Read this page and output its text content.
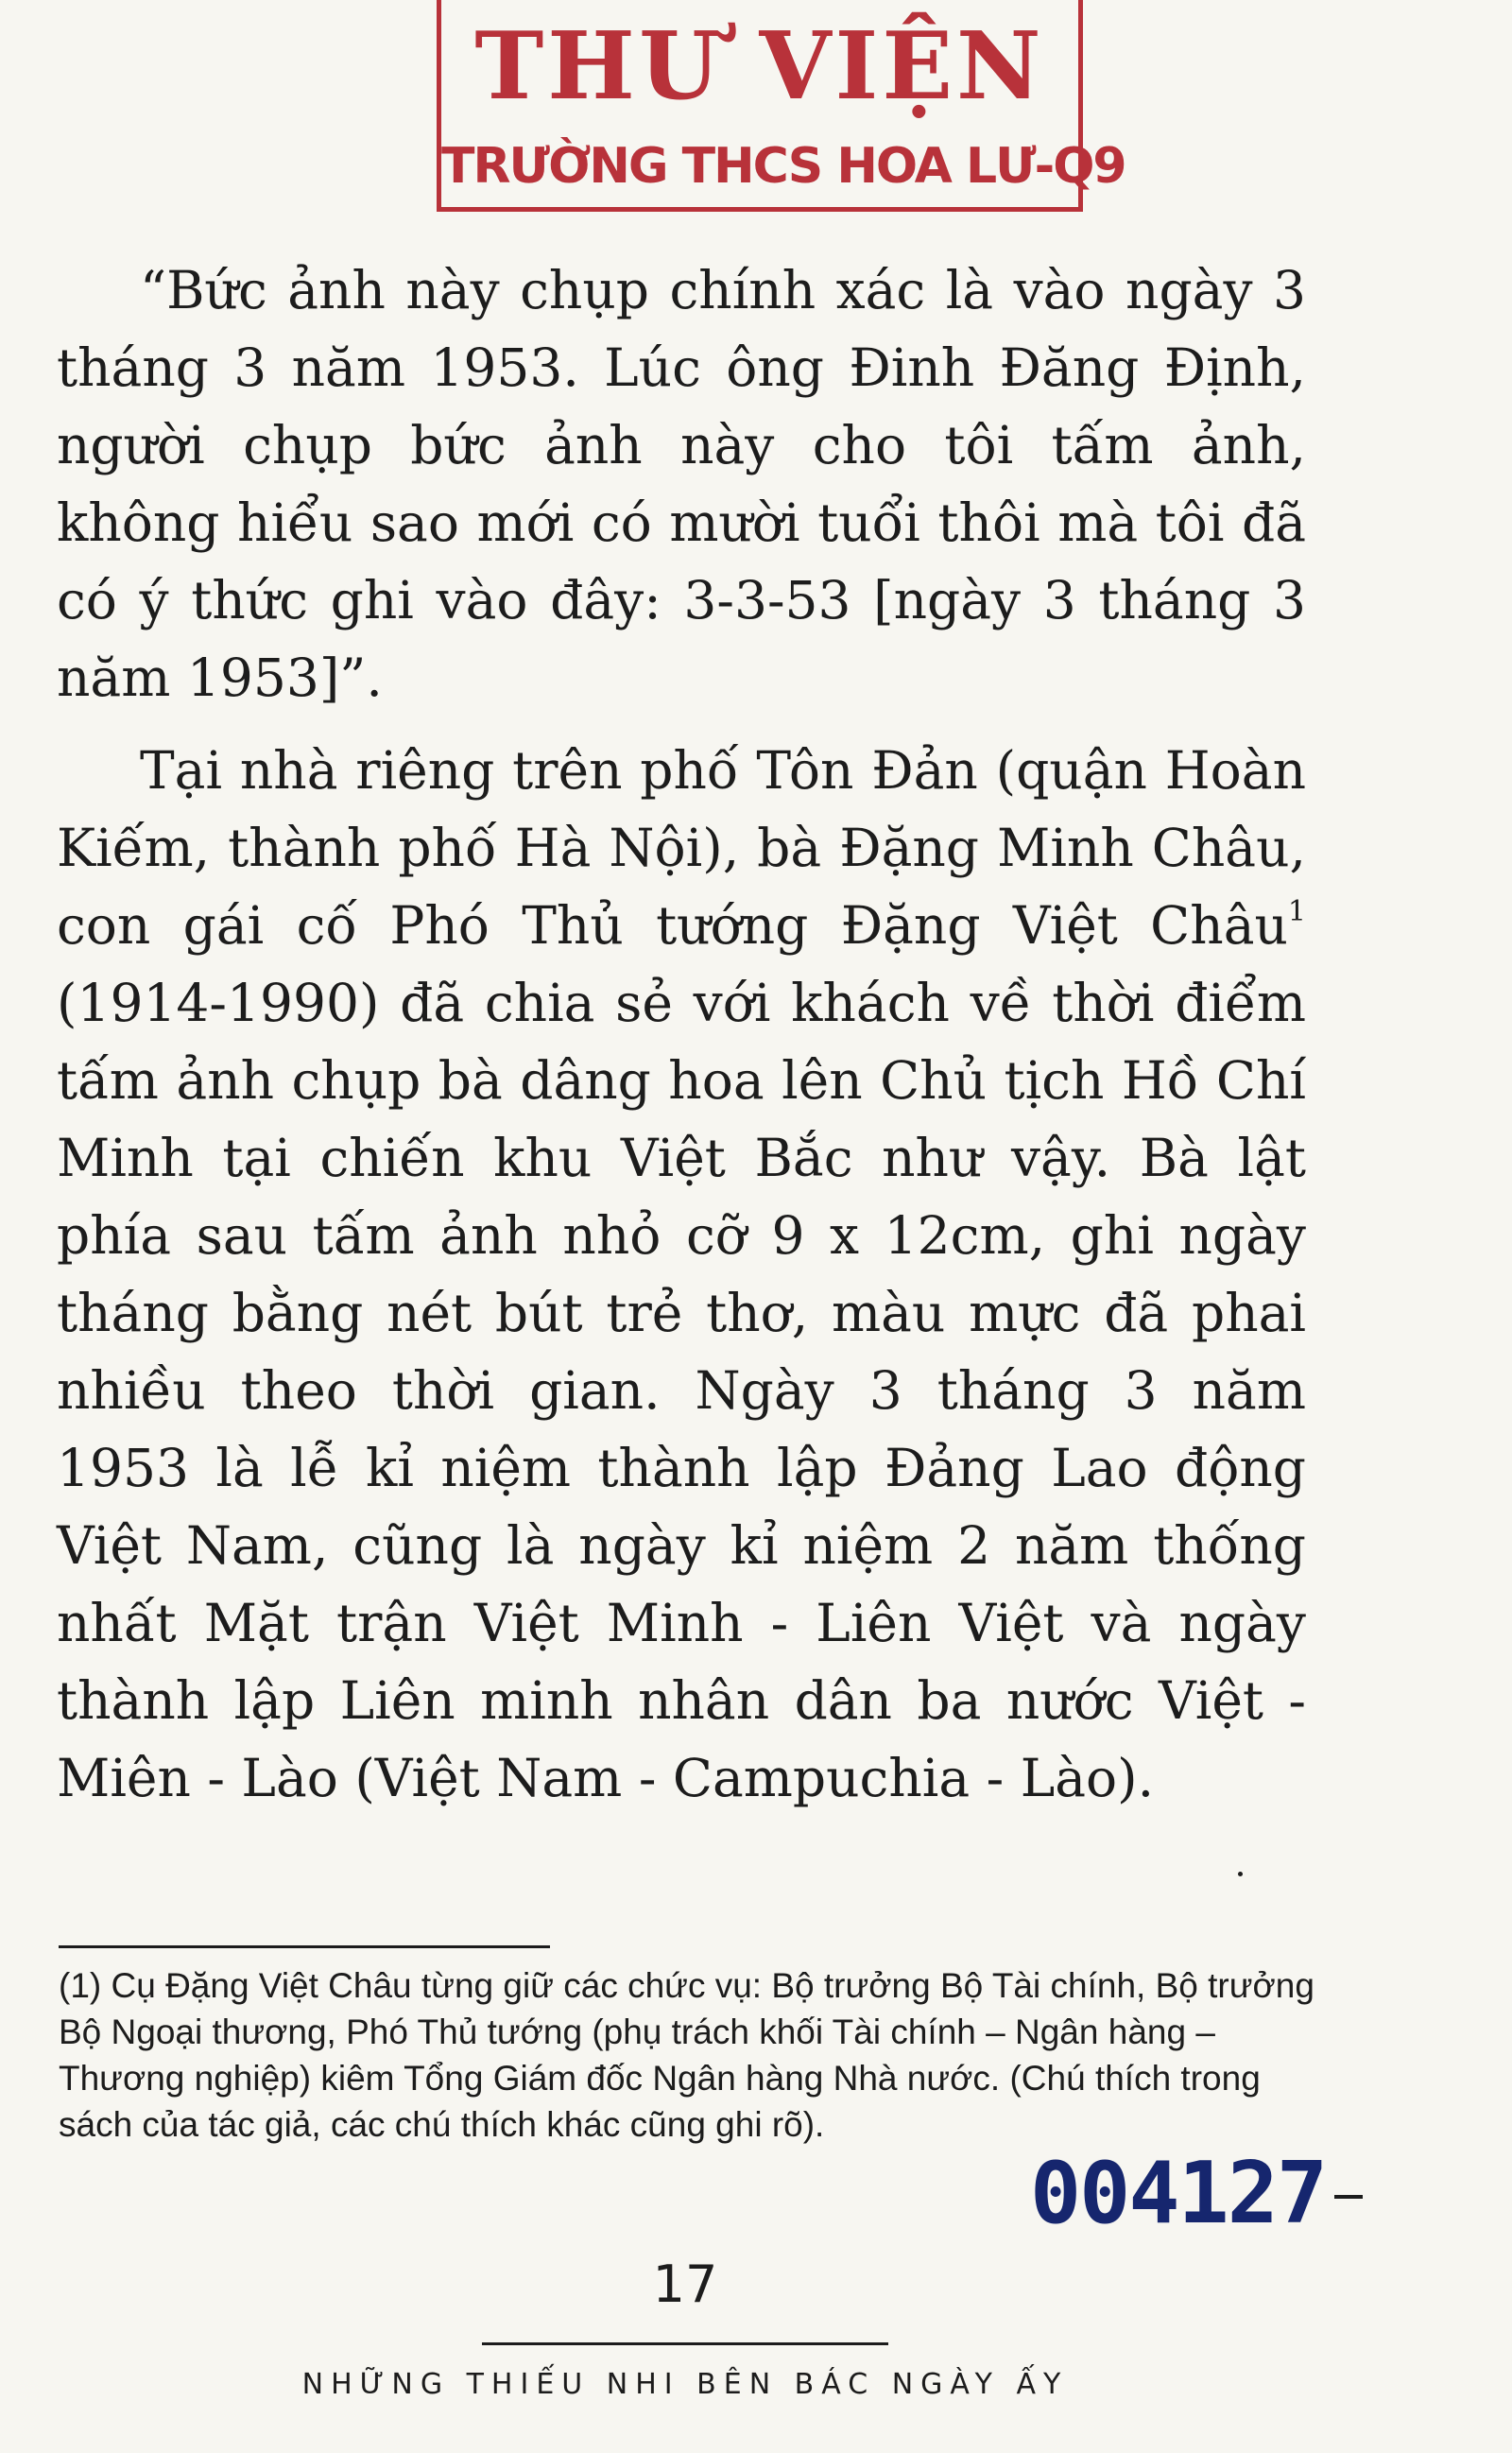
THƯ VIỆN
TRƯỜNG THCS HOA LƯ-Q9

“Bức ảnh này chụp chính xác là vào ngày 3 tháng 3 năm 1953. Lúc ông Đinh Đăng Định, người chụp bức ảnh này cho tôi tấm ảnh, không hiểu sao mới có mười tuổi thôi mà tôi đã có ý thức ghi vào đây: 3-3-53 [ngày 3 tháng 3 năm 1953]”.

Tại nhà riêng trên phố Tôn Đản (quận Hoàn Kiếm, thành phố Hà Nội), bà Đặng Minh Châu, con gái cố Phó Thủ tướng Đặng Việt Châu$^1$ (1914-1990) đã chia sẻ với khách về thời điểm tấm ảnh chụp bà dâng hoa lên Chủ tịch Hồ Chí Minh tại chiến khu Việt Bắc như vậy. Bà lật phía sau tấm ảnh nhỏ cỡ 9 x 12cm, ghi ngày tháng bằng nét bút trẻ thơ, màu mực đã phai nhiều theo thời gian. Ngày 3 tháng 3 năm 1953 là lễ kỉ niệm thành lập Đảng Lao động Việt Nam, cũng là ngày kỉ niệm 2 năm thống nhất Mặt trận Việt Minh - Liên Việt và ngày thành lập Liên minh nhân dân ba nước Việt - Miên - Lào (Việt Nam - Campuchia - Lào).

(1) Cụ Đặng Việt Châu từng giữ các chức vụ: Bộ trưởng Bộ Tài chính, Bộ trưởng Bộ Ngoại thương, Phó Thủ tướng (phụ trách khối Tài chính – Ngân hàng – Thương nghiệp) kiêm Tổng Giám đốc Ngân hàng Nhà nước. (Chú thích trong sách của tác giả, các chú thích khác cũng ghi rõ).

004127
17
NHỮNG THIẾU NHI BÊN BÁC NGÀY ẤY
